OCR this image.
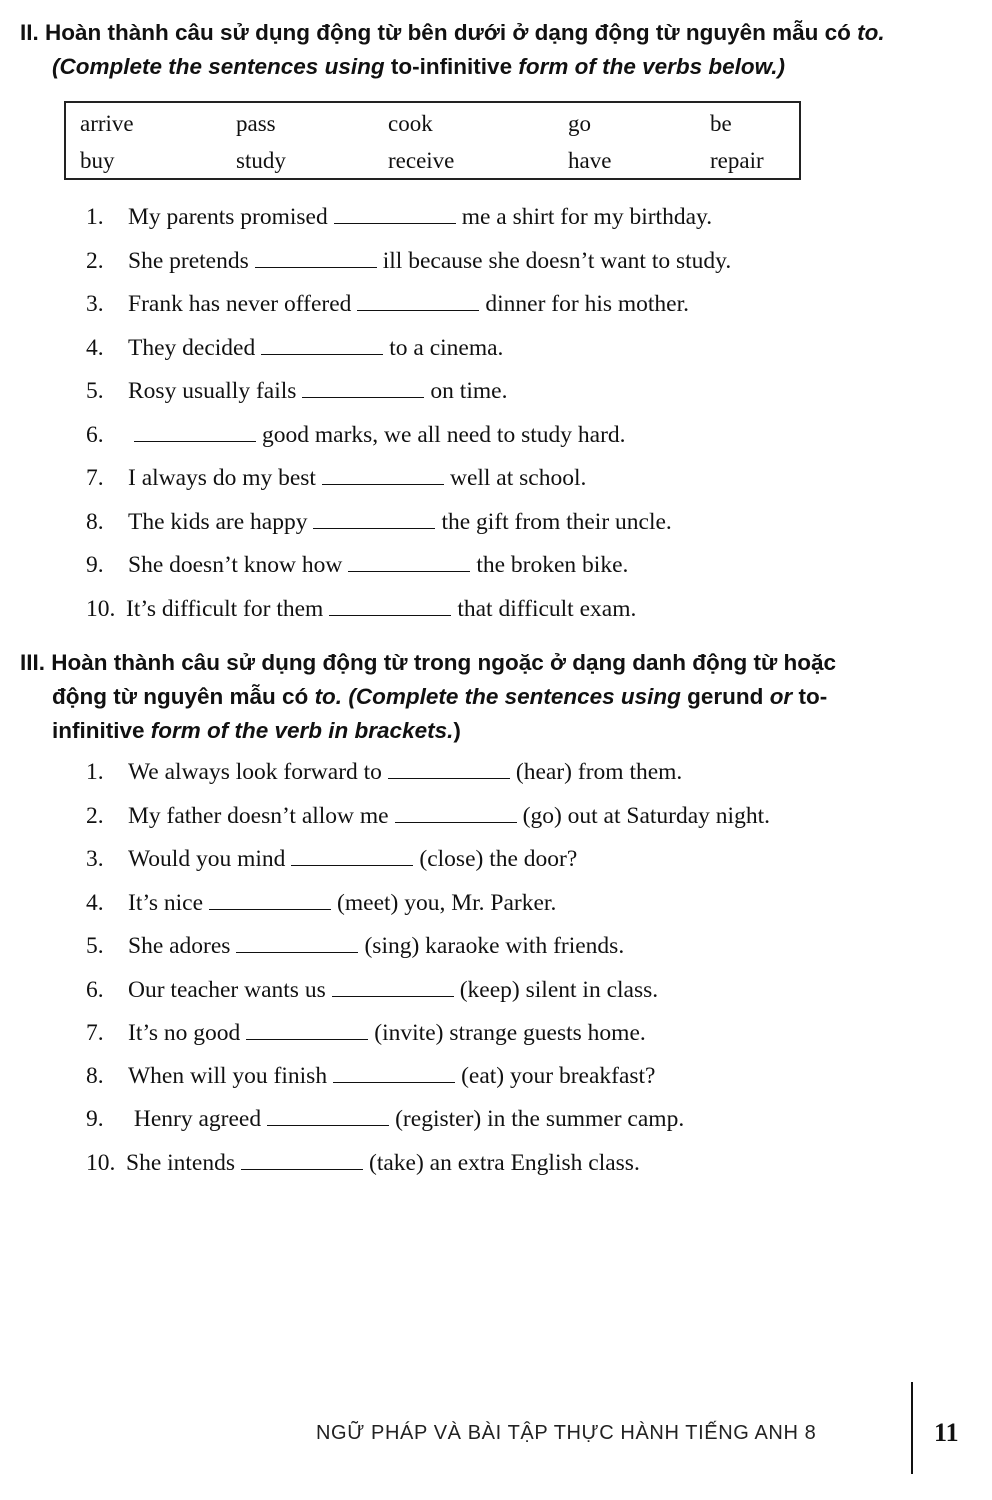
II. Hoàn thành câu sử dụng động từ bên dưới ở dạng động từ nguyên mẫu có to.
(Complete the sentences using to-infinitive form of the verbs below.)
arrive	pass	cook	go	be
buy	study	receive	have	repair
1. My parents promised	me a shirt for my birthday.
2. She pretends	ill because she doesn’t want to study.
3. Frank has never offered	dinner for his mother.
4. They decided	to a cinema.
5. Rosy usually fails	on time.
6.	good marks, we all need to study hard.
7. I always do my best	well at school.
8. The kids are happy	the gift from their uncle.
9. She doesn’t know how	the broken bike.
10. It’s difficult for them	that difficult exam.
III. Hoàn thành câu sử dụng động từ trong ngoặc ở dạng danh động từ hoặc
động từ nguyên mẫu có to. (Complete the sentences using gerund or to-
infinitive form of the verb in brackets.)
1. We always look forward to	(hear) from them.
2. My father doesn’t allow me	(go) out at Saturday night.
3. Would you mind	(close) the door?
4. It’s nice	(meet) you, Mr. Parker.
5. She adores	(sing) karaoke with friends.
6. Our teacher wants us	(keep) silent in class.
7. It’s no good	(invite) strange guests home.
8. When will you finish	(eat) your breakfast?
9. Henry agreed	(register) in the summer camp.
10. She intends	(take) an extra English class.
NGỮ PHÁP VÀ BÀI TẬP THỰC HÀNH TIẾNG ANH 8	11
